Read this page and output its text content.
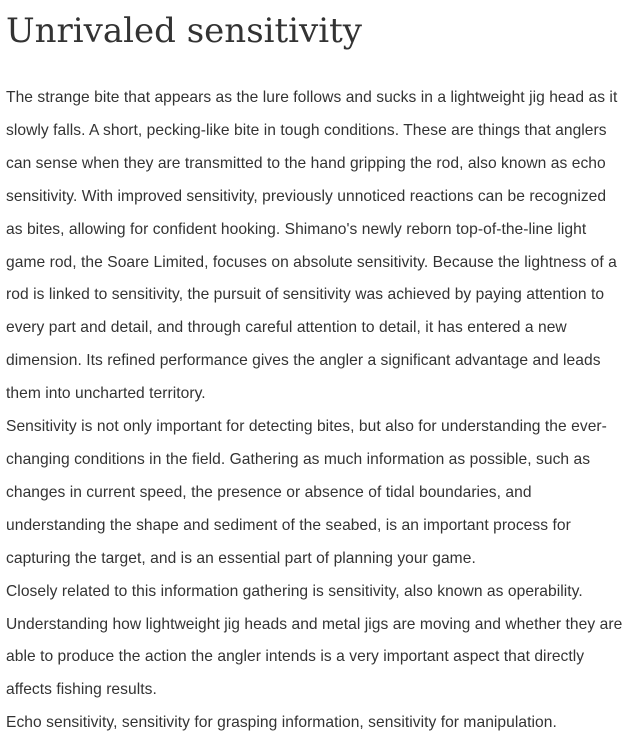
Unrivaled sensitivity

The strange bite that appears as the lure follows and sucks in a lightweight jig head as it slowly falls. A short, pecking-like bite in tough conditions. These are things that anglers can sense when they are transmitted to the hand gripping the rod, also known as echo sensitivity. With improved sensitivity, previously unnoticed reactions can be recognized as bites, allowing for confident hooking. Shimano's newly reborn top-of-the-line light game rod, the Soare Limited, focuses on absolute sensitivity. Because the lightness of a rod is linked to sensitivity, the pursuit of sensitivity was achieved by paying attention to every part and detail, and through careful attention to detail, it has entered a new dimension. Its refined performance gives the angler a significant advantage and leads them into uncharted territory.

Sensitivity is not only important for detecting bites, but also for understanding the ever-changing conditions in the field. Gathering as much information as possible, such as changes in current speed, the presence or absence of tidal boundaries, and understanding the shape and sediment of the seabed, is an important process for capturing the target, and is an essential part of planning your game.

Closely related to this information gathering is sensitivity, also known as operability. Understanding how lightweight jig heads and metal jigs are moving and whether they are able to produce the action the angler intends is a very important aspect that directly affects fishing results.

Echo sensitivity, sensitivity for grasping information, sensitivity for manipulation.
